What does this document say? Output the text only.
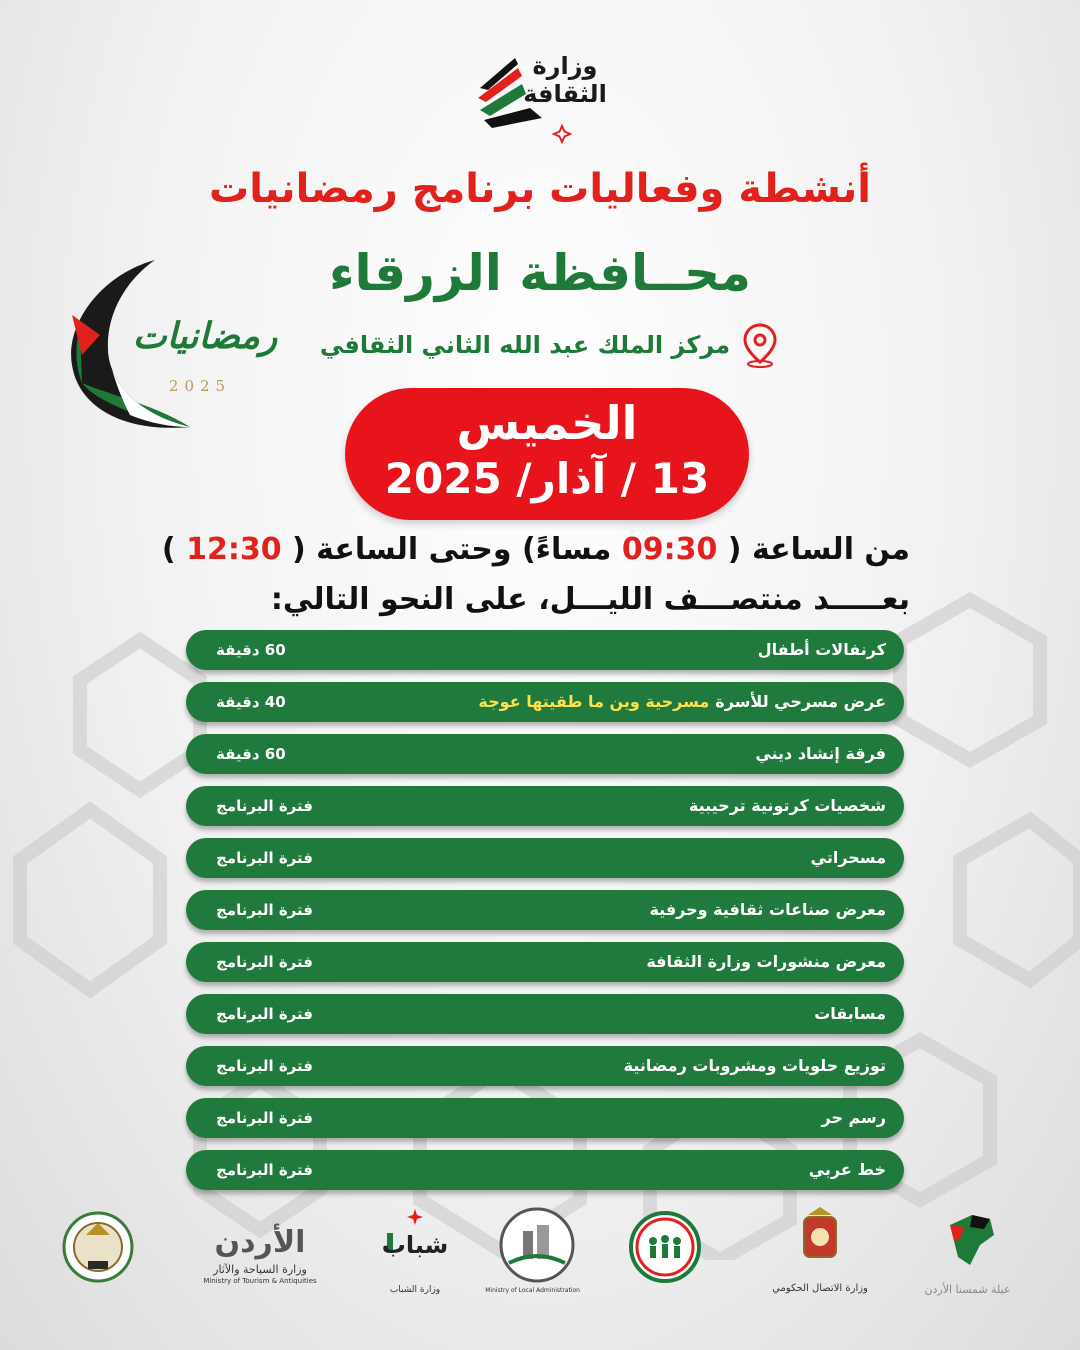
وزارة
الثقافة
أنشطة وفعاليات برنامج رمضانيات
محــافظة الزرقاء
مركز الملك عبد الله الثاني الثقافي
رمضانيات
2025
الخميس
13 / آذار/ 2025
من الساعة ( 09:30 مساءً) وحتى الساعة ( 12:30 )
بعـــــد منتصـــف الليـــل، على النحو التالي:
كرنفالات أطفال
60 دقيقة
عرض مسرحي للأسرةمسرحية وين ما طقيتها عوجة
40 دقيقة
فرقة إنشاد ديني
60 دقيقة
شخصيات كرتونية ترحيبية
فترة البرنامج
مسحراتي
فترة البرنامج
معرض صناعات ثقافية وحرفية
فترة البرنامج
معرض منشورات وزارة الثقافة
فترة البرنامج
مسابقات
فترة البرنامج
توزيع حلويات ومشروبات رمضانية
فترة البرنامج
رسم حر
فترة البرنامج
خط عربي
فترة البرنامج
الأردن
وزارة السياحة والآثار
Ministry of Tourism & Antiquities
شباب
وزارة الشباب	Ministry of Local Administration	وزارة الاتصال الحكومي	عيلة شمسنا الأردن
